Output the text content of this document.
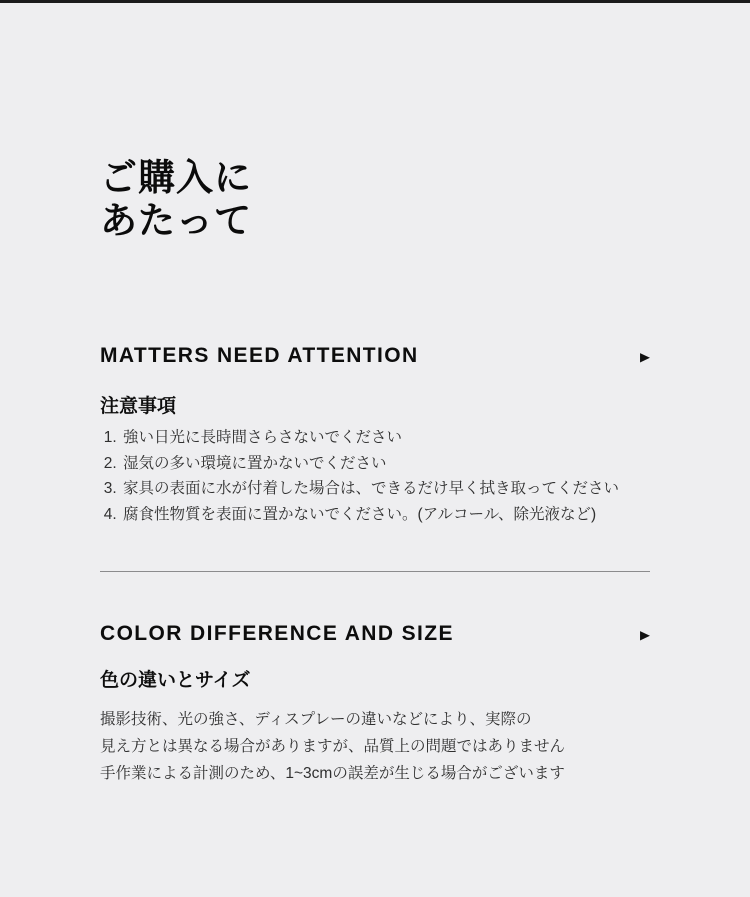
ご購入に
あたって
MATTERS NEED ATTENTION	▶
注意事項
1. 強い日光に長時間さらさないでください
2. 湿気の多い環境に置かないでください
3. 家具の表面に水が付着した場合は、できるだけ早く拭き取ってください
4. 腐食性物質を表面に置かないでください。(アルコール、除光液など)
COLOR DIFFERENCE AND SIZE	▶
色の違いとサイズ

撮影技術、光の強さ、ディスプレーの違いなどにより、実際の
見え方とは異なる場合がありますが、品質上の問題ではありません
手作業による計測のため、1~3cmの誤差が生じる場合がございます
